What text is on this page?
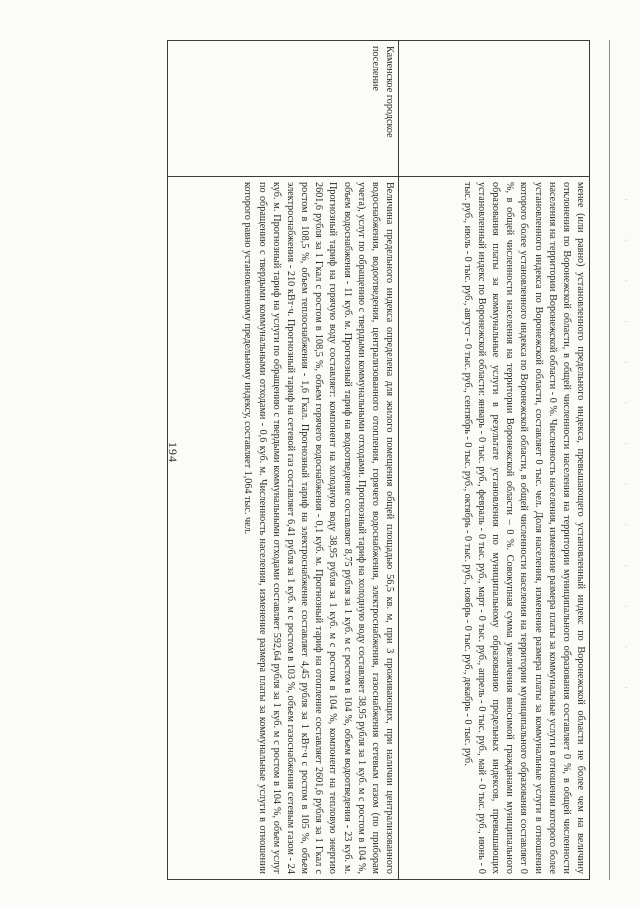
· · · · · · · · · · · · ·

	менее (или равно) установленного предельного индекса, превышающего установленный индекс по Воронежской области не более чем на величину отклонения по Воронежской области, в общей численности населения на территории муниципального образования составляет 0 %, в общей численности населения на территории Воронежской области - 0 %. Численность населения, изменение размера платы за коммунальные услуги в отношении которого более установленного индекса по Воронежской области, составляет 0 тыс. чел. Доля населения, изменение размера платы за коммунальные услуги в отношении которого более установленного индекса по Воронежской области, в общей численности населения на территории муниципального образования составляет 0 %, в общей численности населения на территории Воронежской области – 0 %. Совокупная сумма увеличения вносимой гражданами муниципального образования платы за коммунальные услуги в результате установления по муниципальному образованию предельных индексов, превышающих установленный индекс по Воронежской области: январь - 0 тыс. руб., февраль - 0 тыс. руб., март - 0 тыс. руб., апрель - 0 тыс. руб., май - 0 тыс. руб., июнь - 0 тыс. руб., июль - 0 тыс. руб., август - 0 тыс. руб., сентябрь - 0 тыс. руб., октябрь - 0 тыс. руб., ноябрь - 0 тыс. руб., декабрь - 0 тыс. руб.

Каменское городское поселение	Величина предельного индекса определена для жилого помещения общей площадью 56,5 кв. м, при 3 проживающих, при наличии централизованного водоснабжения, водоотведения, централизованного отопления, горячего водоснабжения, электроснабжения, газоснабжения сетевым газом (по приборам учета), услуг по обращению с твердыми коммунальными отходами. Прогнозный тариф на холодную воду составляет 38,95 рубля за 1 куб. м с ростом в 104 %, объем водоснабжения - 11 куб. м. Прогнозный тариф на водоотведение составляет 8,75 рубля за 1 куб. м с ростом в 104 %, объем водоотведения - 23 куб. м. Прогнозный тариф на горячую воду составляет: компонент на холодную воду 38,95 рубля за 1 куб. м с ростом в 104 %, компонент на тепловую энергию 2601,6 рубля за 1 Гкал с ростом в 108,5 %, объем горячего водоснабжения - 0,1 куб. м. Прогнозный тариф на отопление составляет 2601,6 рубля за 1 Гкал с ростом в 108,5 %, объем теплоснабжения - 1,6 Гкал. Прогнозный тариф на электроснабжение составляет 4,45 рубля за 1 кВт·ч с ростом в 105 %, объем электроснабжения - 210 кВт·ч. Прогнозный тариф на сетевой газ составляет 6,41 рубля за 1 куб. м с ростом в 103 %, объем газоснабжения сетевым газом - 24 куб. м. Прогнозный тариф на услуги по обращению с твердыми коммунальными отходами составляет 592,64 рубля за 1 куб. м с ростом в 104 %, объем услуг по обращению с твердыми коммунальными отходами - 0,6 куб. м. Численность населения, изменение размера платы за коммунальные услуги в отношении которого равно установленному предельному индексу, составляет 1,064 тыс. чел.

194
